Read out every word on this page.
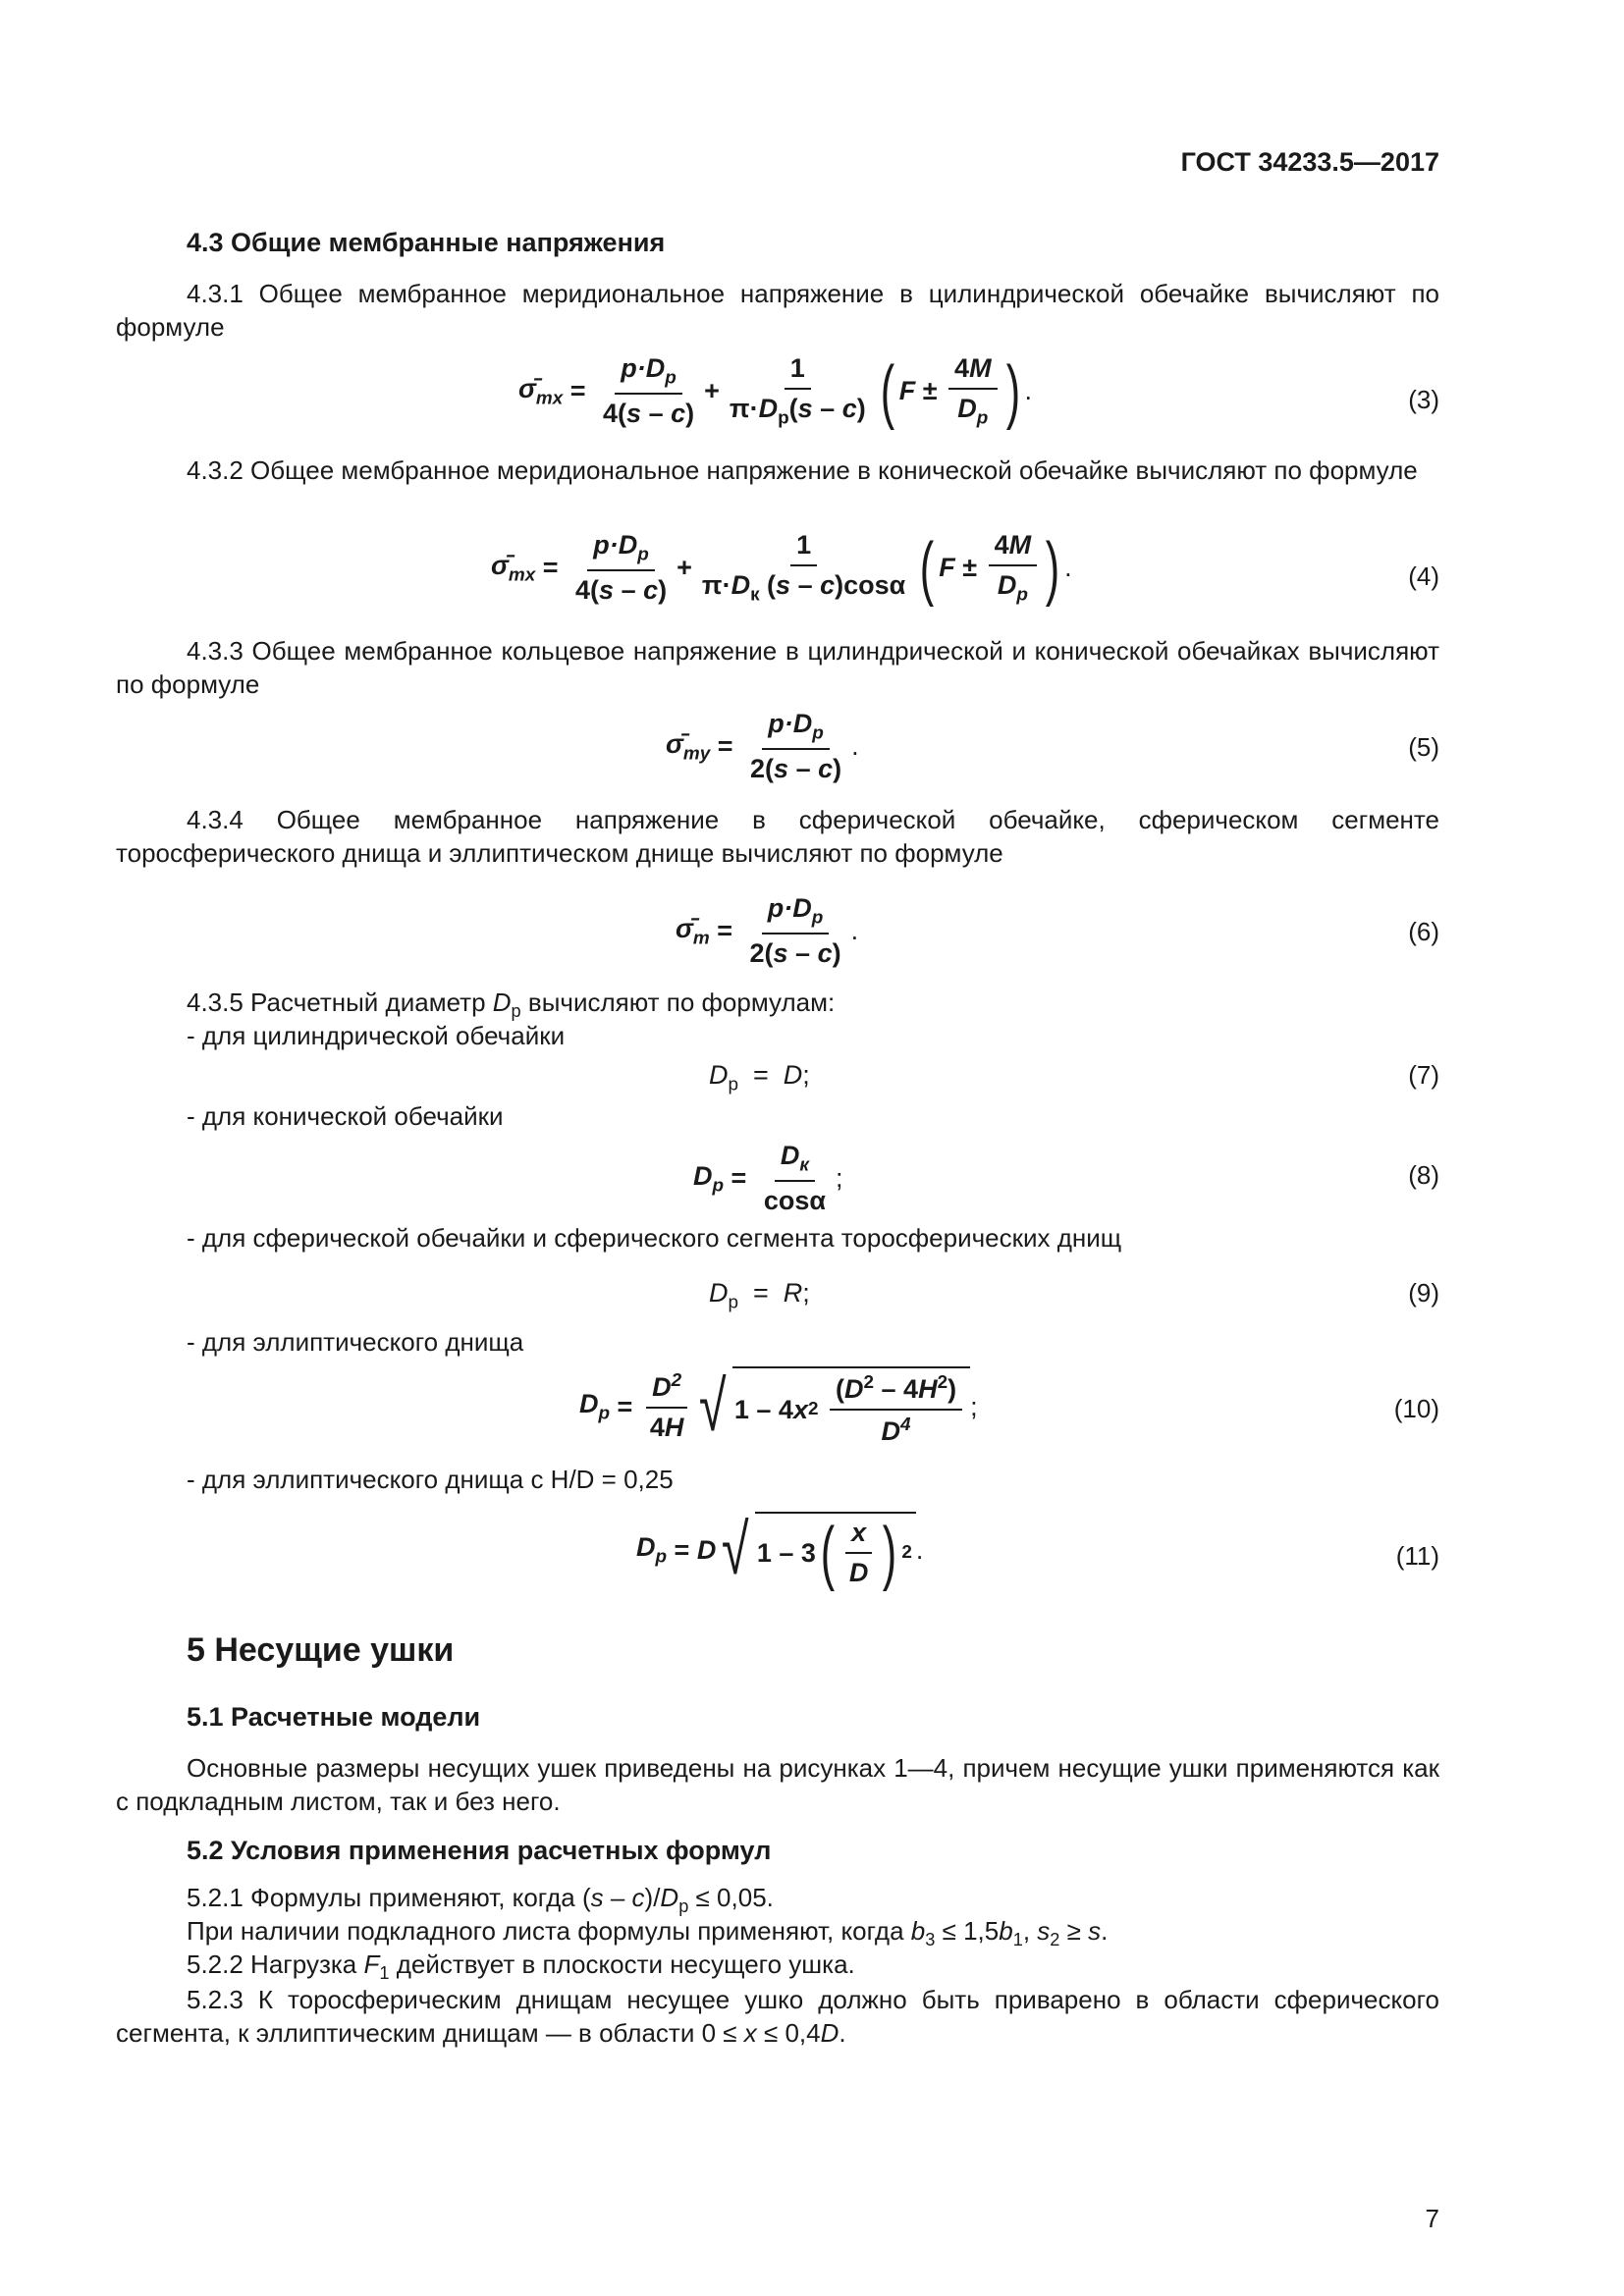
ГОСТ 34233.5—2017
4.3 Общие мембранные напряжения
4.3.1 Общее мембранное меридиональное напряжение в цилиндрической обечайке вычисляют по формуле
$\sigmā_{mx} = \frac{p\cdot D_p}{4(s - c)} + \frac{1}{\pi\cdot D_p(s - c)}$ ( $F \pm \frac{4M}{D_p}$ ) .	(3)
4.3.2 Общее мембранное меридиональное напряжение в конической обечайке вычисляют по формуле
$\sigmā_{mx} = \frac{p\cdot D_p}{4(s - c)} + \frac{1}{\pi\cdot D_к (s - c)\cos\alpha}$ ( $F \pm \frac{4M}{D_p}$ ) .	(4)
4.3.3 Общее мембранное кольцевое напряжение в цилиндрической и конической обечайках вычисляют по формуле
$\sigmā_{my} = \frac{p\cdot D_p}{2(s - c)}$ .	(5)
4.3.4 Общее мембранное напряжение в сферической обечайке, сферическом сегменте торосферического днища и эллиптическом днище вычисляют по формуле
$\sigmā_m = \frac{p\cdot D_p}{2(s - c)}$ .	(6)
4.3.5 Расчетный диаметр $D_p$ вычисляют по формулам:
- для цилиндрической обечайки
$D_p = D$;	(7)
- для конической обечайки
$D_p = \frac{D_к}{\cos\alpha}$ ;	(8)
- для сферической обечайки и сферического сегмента торосферических днищ
$D_p = R$;	(9)
- для эллиптического днища
$D_p = \frac{D^2}{4H}$ √ 1 – 4 x 2
$\frac{(D^2 - 4H^2)}{D^4}$ ;	(10)
- для эллиптического днища с H/D = 0,25
$D_p = D$ √ 1 – 3 ( $\frac{x}{D}$ ) 2 .	(11)
5 Несущие ушки
5.1 Расчетные модели
Основные размеры несущих ушек приведены на рисунках 1—4, причем несущие ушки применяются как с подкладным листом, так и без него.
5.2 Условия применения расчетных формул
5.2.1 Формулы применяют, когда $(s - c)/D_p \le 0,05$.
При наличии подкладного листа формулы применяют, когда $b_3 \le 1,5b_1$, $s_2 \ge s$.
5.2.2 Нагрузка $F_1$ действует в плоскости несущего ушка.
5.2.3 К торосферическим днищам несущее ушко должно быть приварено в области сферического сегмента, к эллиптическим днищам — в области 0 ≤ x ≤ 0,4D.
7
